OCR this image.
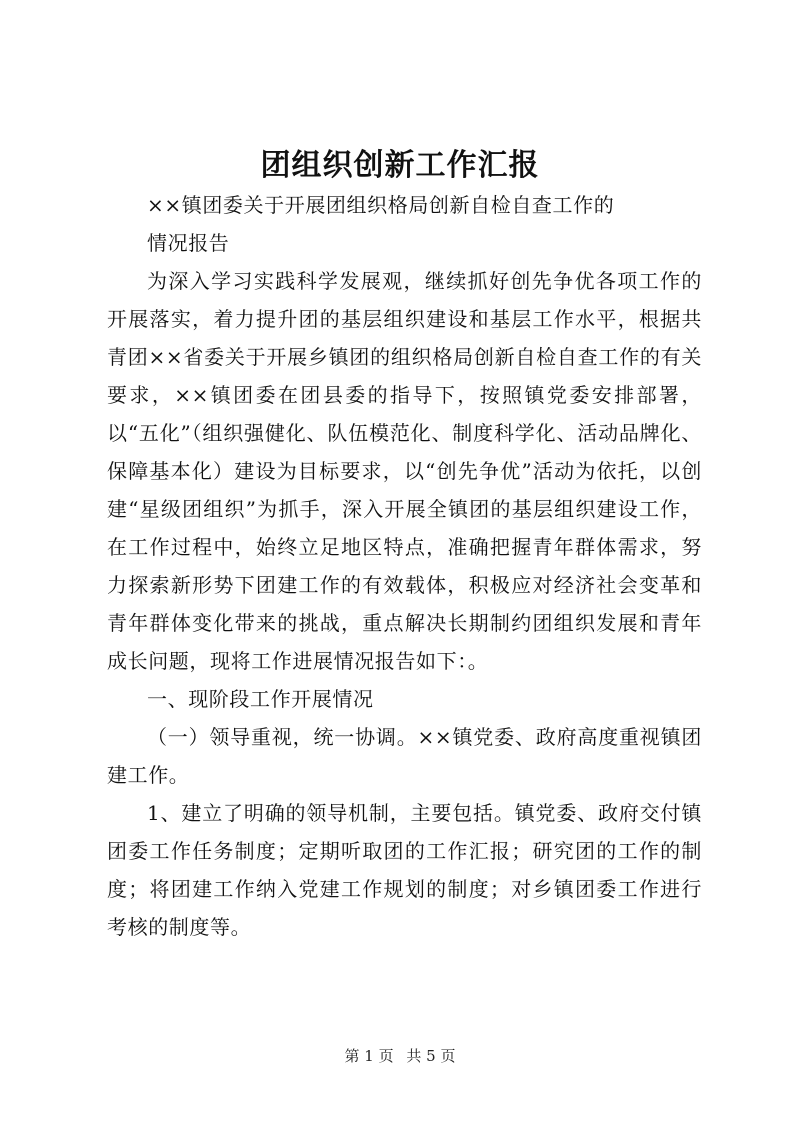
团组织创新工作汇报

××镇团委关于开展团组织格局创新自检自查工作的

情况报告

为深入学习实践科学发展观，继续抓好创先争优各项工作的开展落实，着力提升团的基层组织建设和基层工作水平，根据共青团××省委关于开展乡镇团的组织格局创新自检自查工作的有关要求，××镇团委在团县委的指导下，按照镇党委安排部署，以“五化”（组织强健化、队伍模范化、制度科学化、活动品牌化、保障基本化）建设为目标要求，以“创先争优”活动为依托，以创建“星级团组织”为抓手，深入开展全镇团的基层组织建设工作，在工作过程中，始终立足地区特点，准确把握青年群体需求，努力探索新形势下团建工作的有效载体，积极应对经济社会变革和青年群体变化带来的挑战，重点解决长期制约团组织发展和青年成长问题，现将工作进展情况报告如下：。

一、现阶段工作开展情况

（一）领导重视，统一协调。××镇党委、政府高度重视镇团建工作。

1、建立了明确的领导机制，主要包括。镇党委、政府交付镇团委工作任务制度；定期听取团的工作汇报；研究团的工作的制度；将团建工作纳入党建工作规划的制度；对乡镇团委工作进行考核的制度等。

第 1 页 共 5 页
